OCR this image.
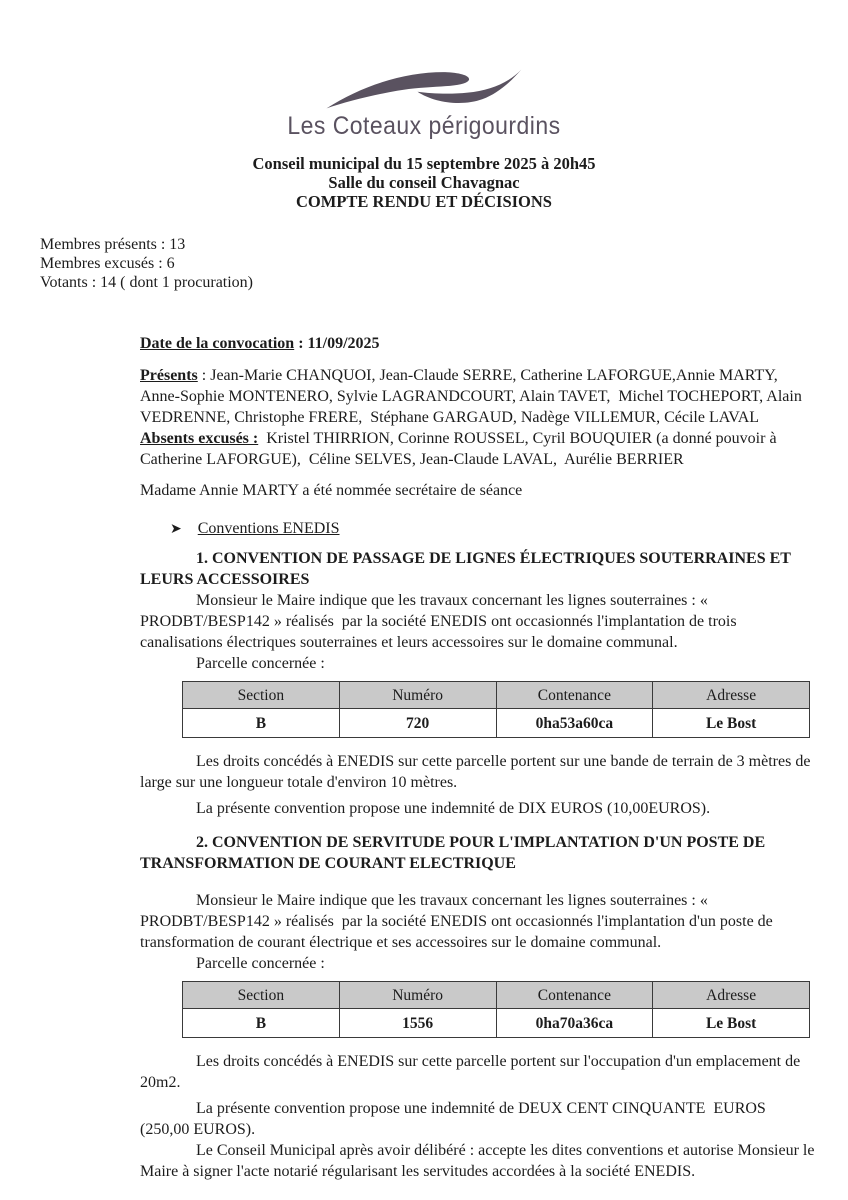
Les Coteaux périgourdins
Conseil municipal du 15 septembre 2025 à 20h45
Salle du conseil Chavagnac
COMPTE RENDU ET DÉCISIONS
Membres présents : 13
Membres excusés : 6
Votants : 14 ( dont 1 procuration)

Date de la convocation : 11/09/2025

Présents : Jean-Marie CHANQUOI, Jean-Claude SERRE, Catherine LAFORGUE,Annie MARTY, Anne-Sophie MONTENERO, Sylvie LAGRANDCOURT, Alain TAVET,  Michel TOCHEPORT, Alain VEDRENNE, Christophe FRERE,  Stéphane GARGAUD, Nadège VILLEMUR, Cécile LAVAL

Absents excusés :  Kristel THIRRION, Corinne ROUSSEL, Cyril BOUQUIER (a donné pouvoir à Catherine LAFORGUE),  Céline SELVES, Jean-Claude LAVAL,  Aurélie BERRIER

Madame Annie MARTY a été nommée secrétaire de séance

➤ Conventions ENEDIS

1. CONVENTION DE PASSAGE DE LIGNES ÉLECTRIQUES SOUTERRAINES ET LEURS ACCESSOIRES

Monsieur le Maire indique que les travaux concernant les lignes souterraines : « PRODBT/BESP142 » réalisés  par la société ENEDIS ont occasionnés l'implantation de trois canalisations électriques souterraines et leurs accessoires sur le domaine communal.

Parcelle concernée :

Section	Numéro	Contenance	Adresse
B	720	0ha53a60ca	Le Bost

Les droits concédés à ENEDIS sur cette parcelle portent sur une bande de terrain de 3 mètres de large sur une longueur totale d'environ 10 mètres.

La présente convention propose une indemnité de DIX EUROS (10,00EUROS).

2. CONVENTION DE SERVITUDE POUR L'IMPLANTATION D'UN POSTE DE TRANSFORMATION DE COURANT ELECTRIQUE

Monsieur le Maire indique que les travaux concernant les lignes souterraines : « PRODBT/BESP142 » réalisés  par la société ENEDIS ont occasionnés l'implantation d'un poste de transformation de courant électrique et ses accessoires sur le domaine communal.

Parcelle concernée :

Section	Numéro	Contenance	Adresse
B	1556	0ha70a36ca	Le Bost

Les droits concédés à ENEDIS sur cette parcelle portent sur l'occupation d'un emplacement de 20m2.

La présente convention propose une indemnité de DEUX CENT CINQUANTE  EUROS (250,00 EUROS).

Le Conseil Municipal après avoir délibéré : accepte les dites conventions et autorise Monsieur le Maire à signer l'acte notarié régularisant les servitudes accordées à la société ENEDIS.
